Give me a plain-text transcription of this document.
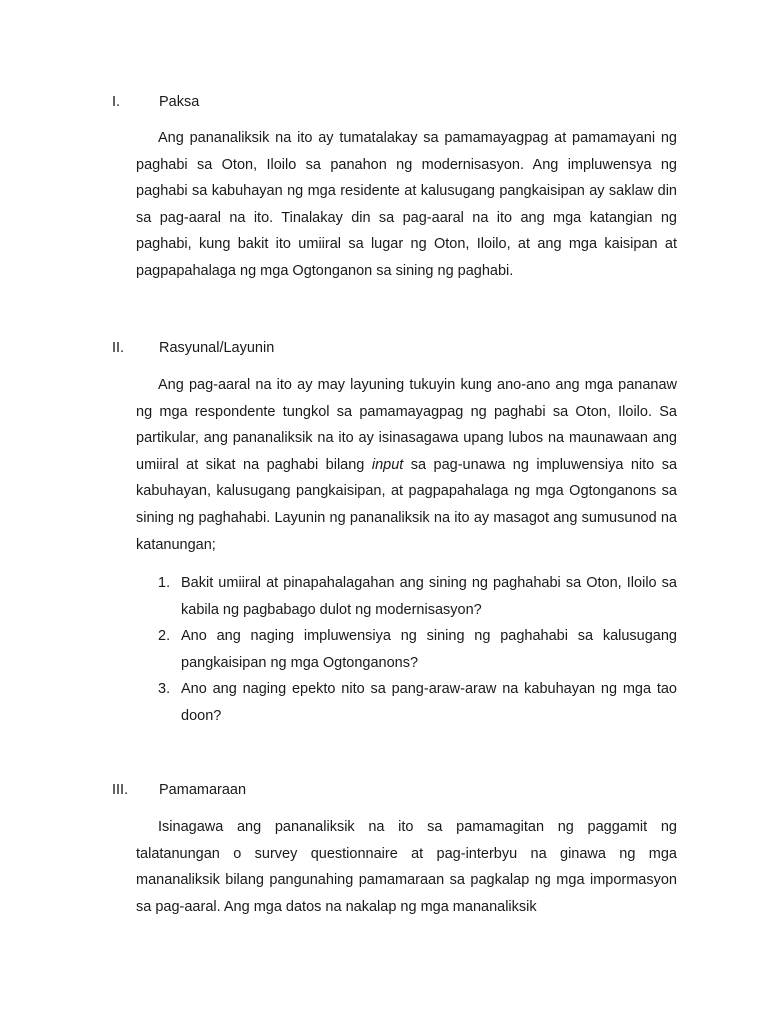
I.	Paksa

Ang pananaliksik na ito ay tumatalakay sa pamamayagpag at pamamayani ng paghabi sa Oton, Iloilo sa panahon ng modernisasyon. Ang impluwensya ng paghabi sa kabuhayan ng mga residente at kalusugang pangkaisipan ay saklaw din sa pag-aaral na ito. Tinalakay din sa pag-aaral na ito ang mga katangian ng paghabi, kung bakit ito umiiral sa lugar ng Oton, Iloilo, at ang mga kaisipan at pagpapahalaga ng mga Ogtonganon sa sining ng paghabi.

II. Rasyunal/Layunin

Ang pag-aaral na ito ay may layuning tukuyin kung ano-ano ang mga pananaw ng mga respondente tungkol sa pamamayagpag ng paghabi sa Oton, Iloilo. Sa partikular, ang pananaliksik na ito ay isinasagawa upang lubos na maunawaan ang umiiral at sikat na paghabi bilang input sa pag-unawa ng impluwensiya nito sa kabuhayan, kalusugang pangkaisipan, at pagpapahalaga ng mga Ogtonganons sa sining ng paghahabi. Layunin ng pananaliksik na ito ay masagot ang sumusunod na katanungan;

1. Bakit umiiral at pinapahalagahan ang sining ng paghahabi sa Oton, Iloilo sa kabila ng pagbabago dulot ng modernisasyon?
2. Ano ang naging impluwensiya ng sining ng paghahabi sa kalusugang pangkaisipan ng mga Ogtonganons?
3. Ano ang naging epekto nito sa pang-araw-araw na kabuhayan ng mga tao doon?
III. Pamamaraan

Isinagawa ang pananaliksik na ito sa pamamagitan ng paggamit ng talatanungan o survey questionnaire at pag-interbyu na ginawa ng mga mananaliksik bilang pangunahing pamamaraan sa pagkalap ng mga impormasyon sa pag-aaral. Ang mga datos na nakalap ng mga mananaliksik
